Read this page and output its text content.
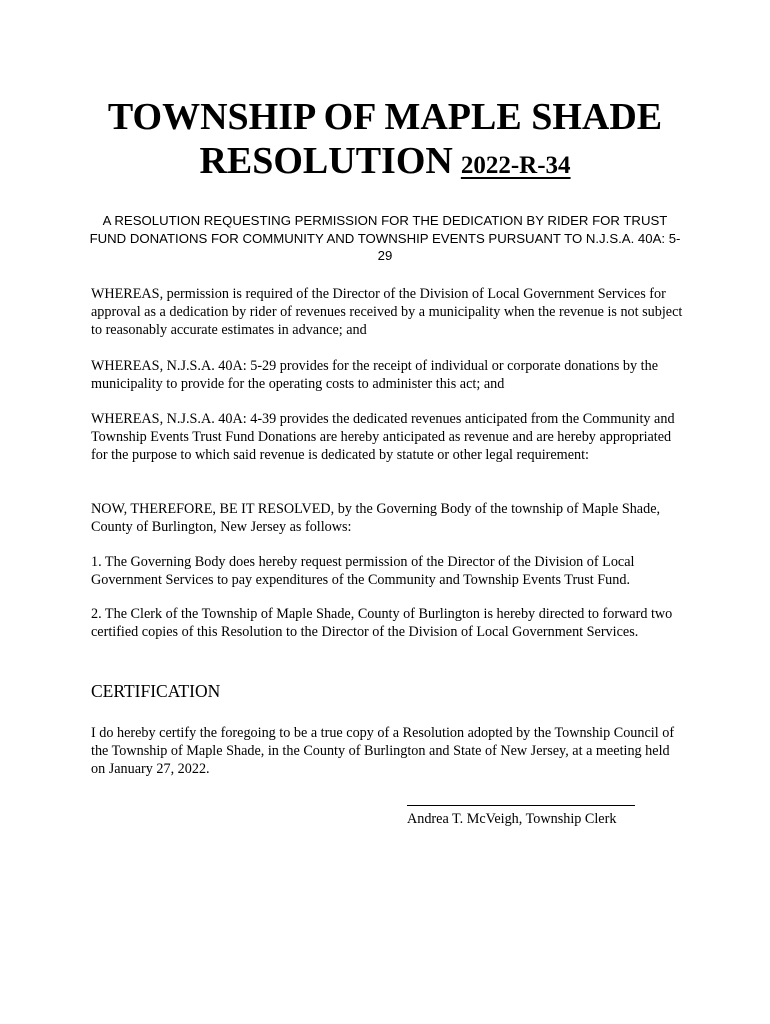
TOWNSHIP OF MAPLE SHADE
RESOLUTION 2022-R-34

A RESOLUTION REQUESTING PERMISSION FOR THE DEDICATION BY RIDER FOR TRUST FUND DONATIONS FOR COMMUNITY AND TOWNSHIP EVENTS PURSUANT TO N.J.S.A. 40A: 5-29

WHEREAS, permission is required of the Director of the Division of Local Government Services for approval as a dedication by rider of revenues received by a municipality when the revenue is not subject to reasonably accurate estimates in advance; and

WHEREAS, N.J.S.A. 40A: 5-29 provides for the receipt of individual or corporate donations by the municipality to provide for the operating costs to administer this act; and

WHEREAS, N.J.S.A. 40A: 4-39 provides the dedicated revenues anticipated from the Community and Township Events Trust Fund Donations are hereby anticipated as revenue and are hereby appropriated for the purpose to which said revenue is dedicated by statute or other legal requirement:

NOW, THEREFORE, BE IT RESOLVED, by the Governing Body of the township of Maple Shade, County of Burlington, New Jersey as follows:

1. The Governing Body does hereby request permission of the Director of the Division of Local Government Services to pay expenditures of the Community and Township Events Trust Fund.

2. The Clerk of the Township of Maple Shade, County of Burlington is hereby directed to forward two certified copies of this Resolution to the Director of the Division of Local Government Services.

CERTIFICATION

I do hereby certify the foregoing to be a true copy of a Resolution adopted by the Township Council of the Township of Maple Shade, in the County of Burlington and State of New Jersey, at a meeting held on January 27, 2022.

Andrea T. McVeigh, Township Clerk
